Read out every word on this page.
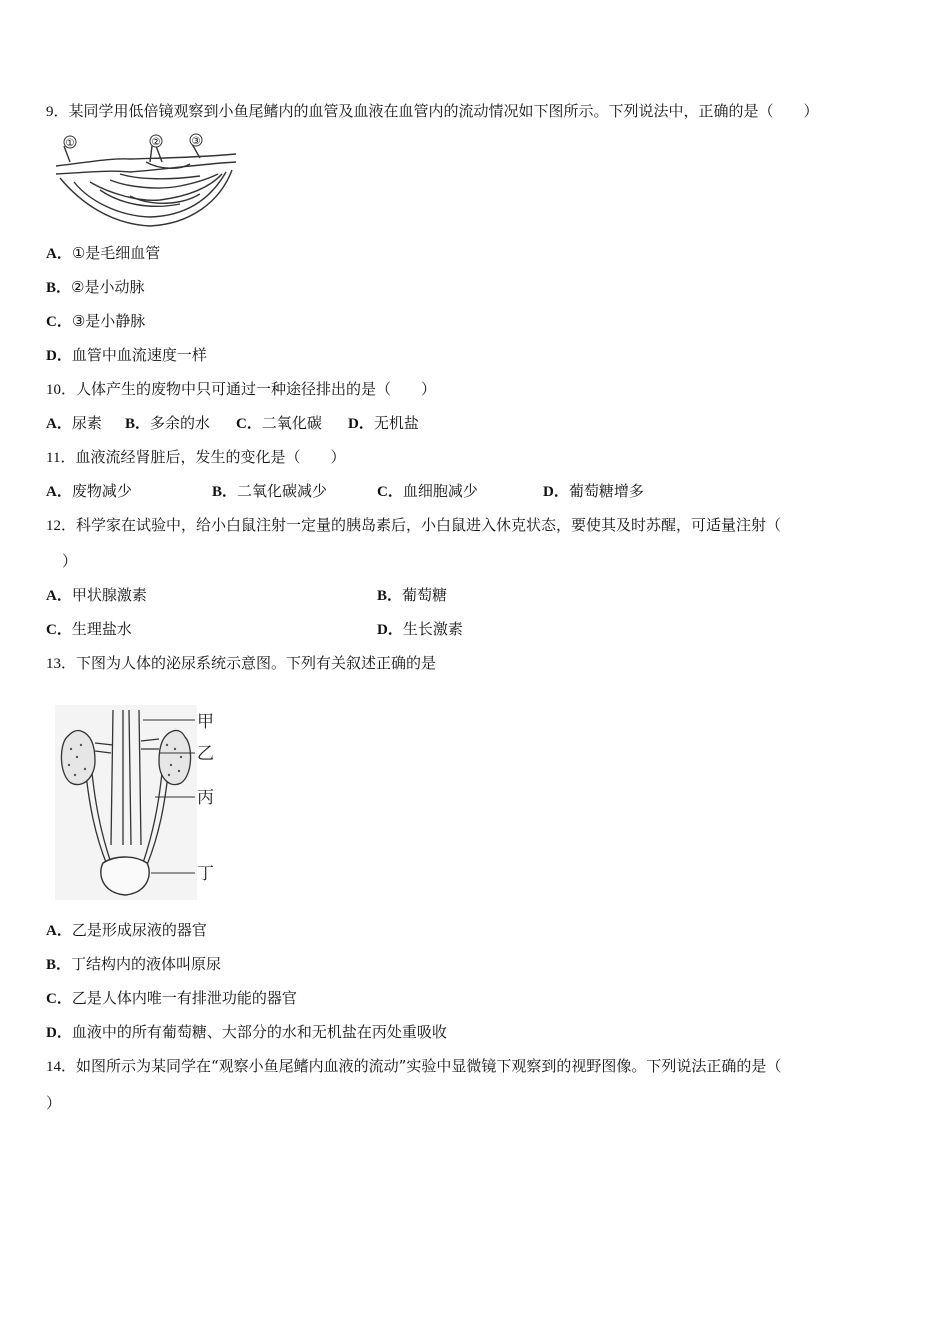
9．某同学用低倍镜观察到小鱼尾鳍内的血管及血液在血管内的流动情况如下图所示。下列说法中，正确的是（　　）
①	②	③
A．①是毛细血管
B．②是小动脉
C．③是小静脉
D．血管中血流速度一样
10．人体产生的废物中只可通过一种途径排出的是（　　）
A．尿素 B．多余的水 C．二氧化碳 D．无机盐
11．血液流经肾脏后，发生的变化是（　　）
A．废物减少	B．二氧化碳减少	C．血细胞减少	D．葡萄糖增多
12．科学家在试验中，给小白鼠注射一定量的胰岛素后，小白鼠进入休克状态，要使其及时苏醒，可适量注射（
）
A．甲状腺激素	B．葡萄糖
C．生理盐水	D．生长激素
13．下图为人体的泌尿系统示意图。下列有关叙述正确的是
甲
乙
丙
丁
A．乙是形成尿液的器官
B．丁结构内的液体叫原尿
C．乙是人体内唯一有排泄功能的器官
D．血液中的所有葡萄糖、大部分的水和无机盐在丙处重吸收
14．如图所示为某同学在“观察小鱼尾鳍内血液的流动”实验中显微镜下观察到的视野图像。下列说法正确的是（
）
